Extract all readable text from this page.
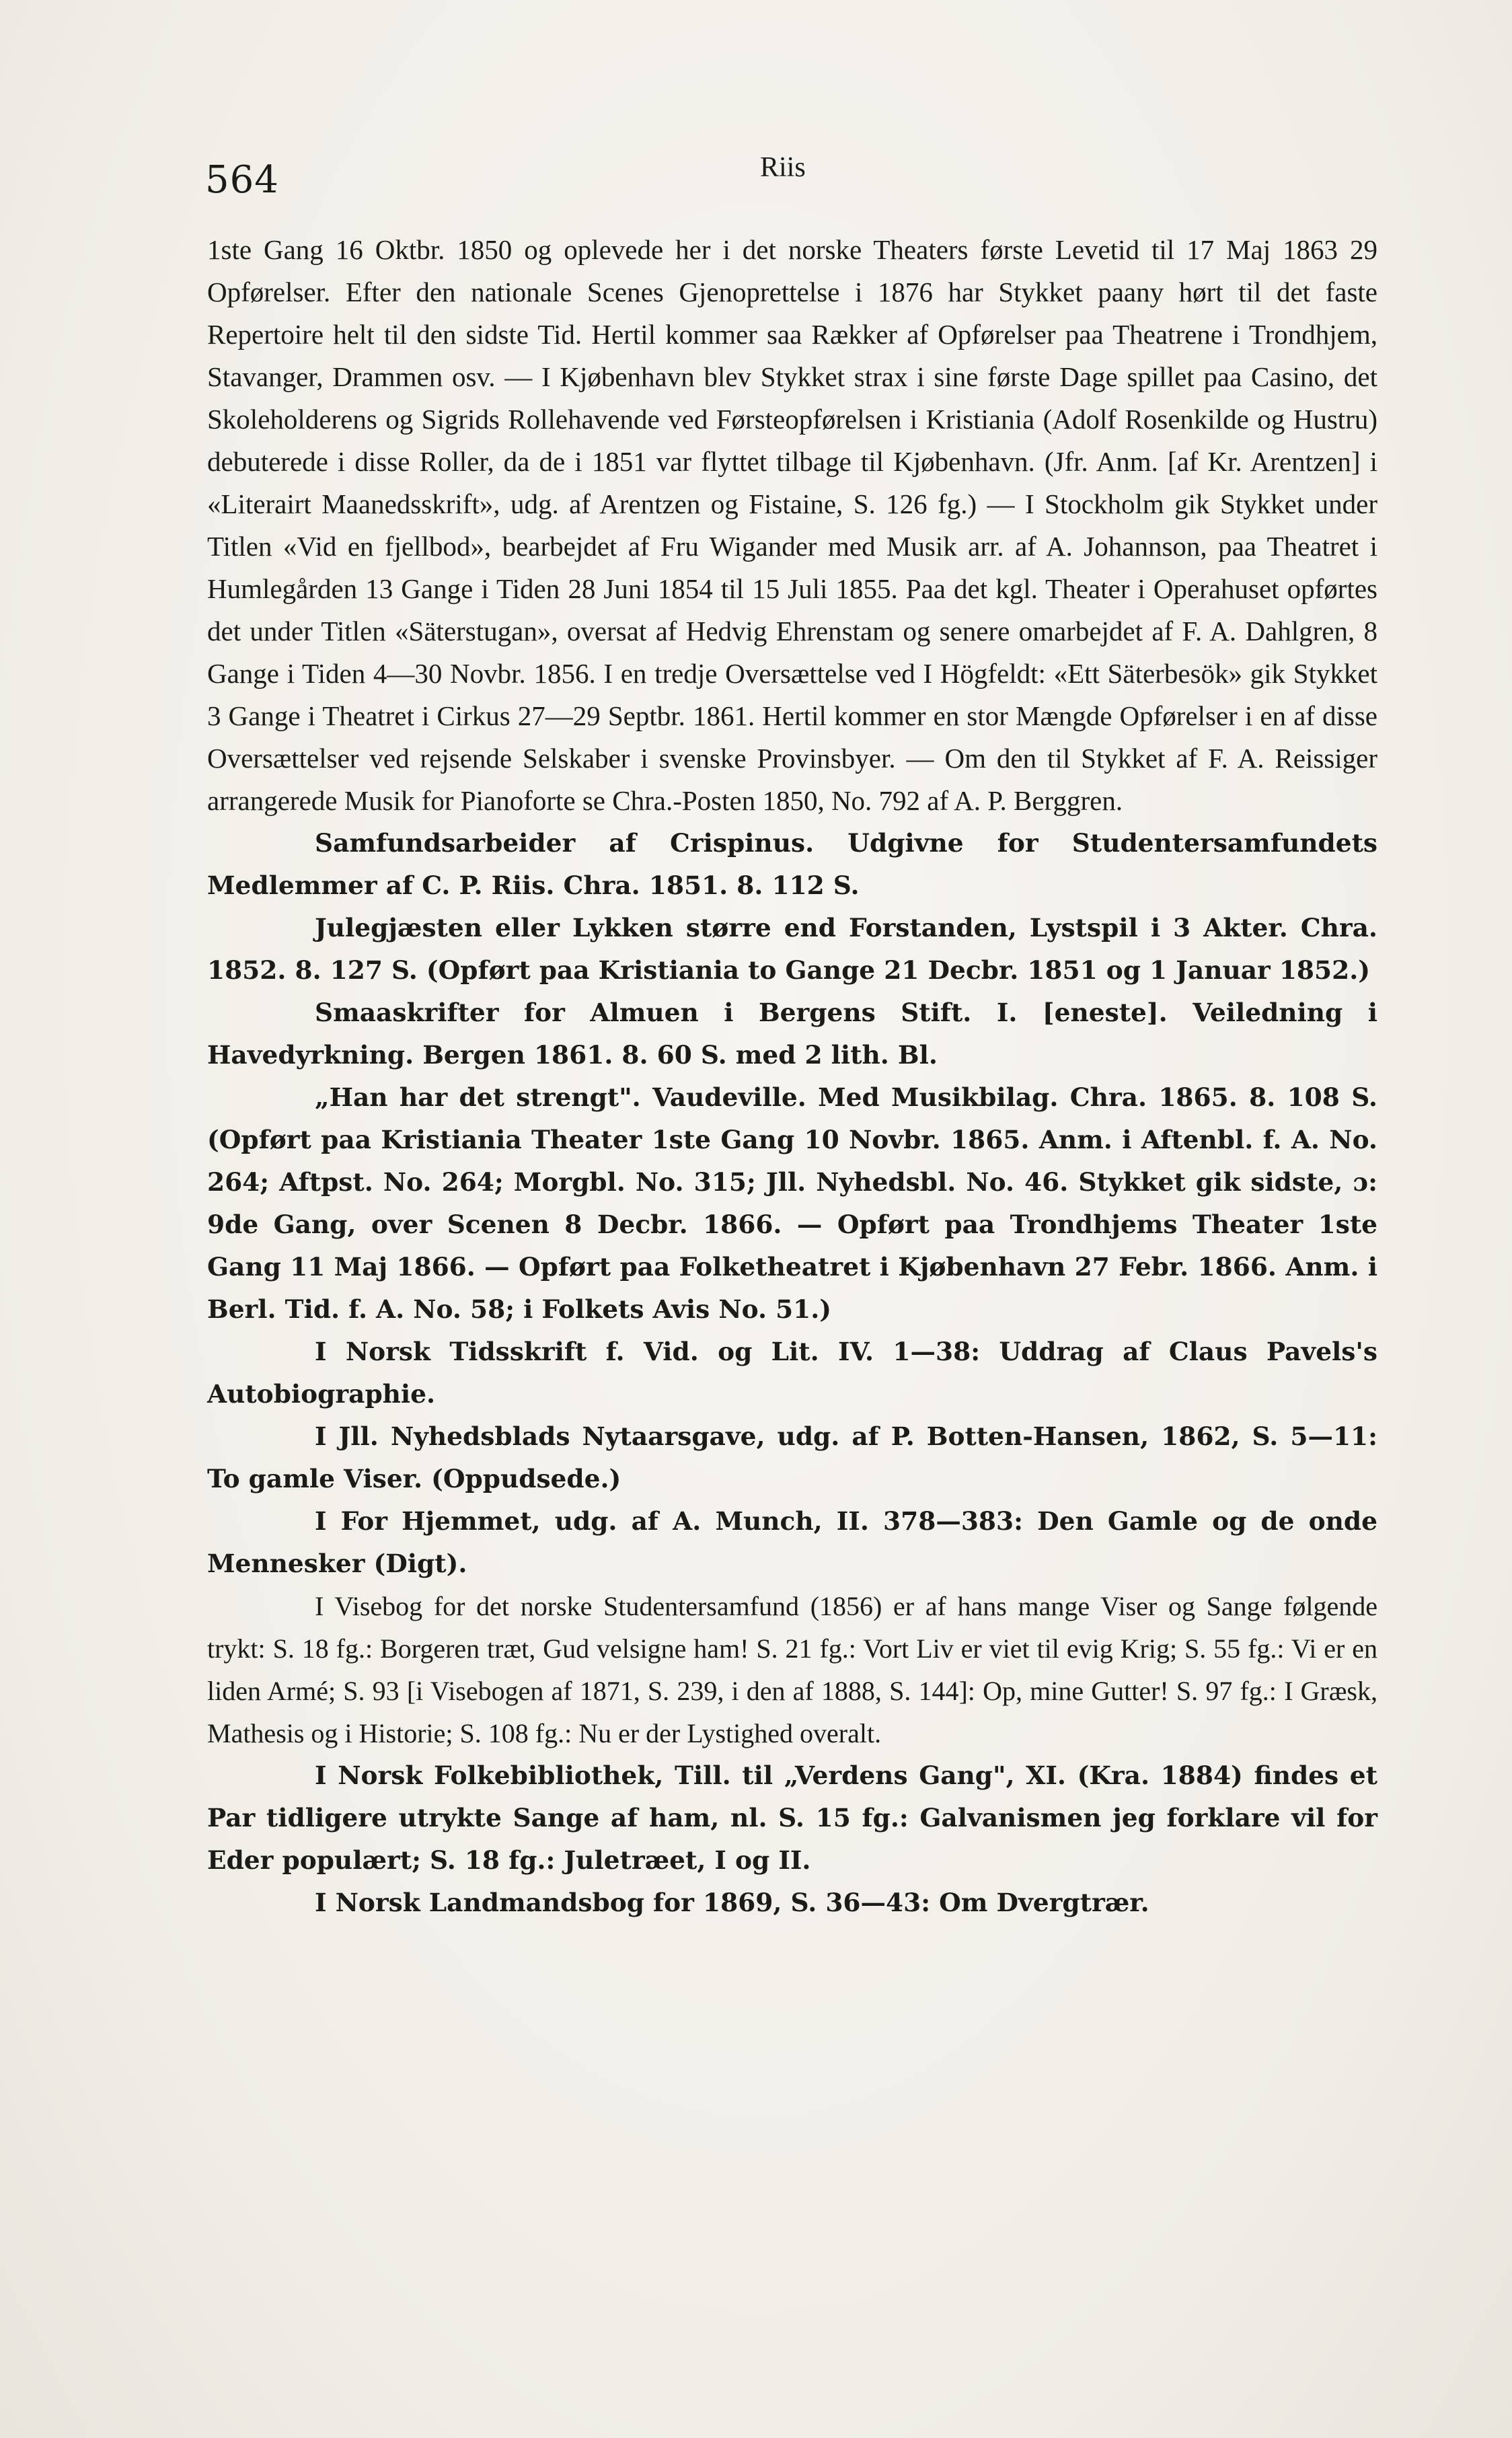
564	Riis

1ste Gang 16 Oktbr. 1850 og oplevede her i det norske Theaters første Levetid til 17 Maj 1863 29 Opførelser. Efter den nationale Scenes Gjenoprettelse i 1876 har Stykket paany hørt til det faste Repertoire helt til den sidste Tid. Hertil kommer saa Rækker af Opførelser paa Theatrene i Trondhjem, Stavanger, Drammen osv. — I Kjøbenhavn blev Stykket strax i sine første Dage spillet paa Casino, det Skoleholderens og Sigrids Rollehavende ved Førsteopførelsen i Kristiania (Adolf Rosenkilde og Hustru) debuterede i disse Roller, da de i 1851 var flyttet tilbage til Kjøbenhavn. (Jfr. Anm. [af Kr. Arentzen] i «Literairt Maanedsskrift», udg. af Arentzen og Fistaine, S. 126 fg.) — I Stockholm gik Stykket under Titlen «Vid en fjellbod», bearbejdet af Fru Wigander med Musik arr. af A. Johannson, paa Theatret i Humlegården 13 Gange i Tiden 28 Juni 1854 til 15 Juli 1855. Paa det kgl. Theater i Operahuset opførtes det under Titlen «Säterstugan», oversat af Hedvig Ehrenstam og senere omarbejdet af F. A. Dahlgren, 8 Gange i Tiden 4—30 Novbr. 1856. I en tredje Oversættelse ved I Högfeldt: «Ett Säterbesök» gik Stykket 3 Gange i Theatret i Cirkus 27—29 Septbr. 1861. Hertil kommer en stor Mængde Opførelser i en af disse Oversættelser ved rejsende Selskaber i svenske Provinsbyer. — Om den til Stykket af F. A. Reissiger arrangerede Musik for Pianoforte se Chra.-Posten 1850, No. 792 af A. P. Berggren.

Samfundsarbeider af Crispinus. Udgivne for Studentersamfundets Medlemmer af C. P. Riis. Chra. 1851. 8. 112 S.

Julegjæsten eller Lykken større end Forstanden, Lystspil i 3 Akter. Chra. 1852. 8. 127 S. (Opført paa Kristiania to Gange 21 Decbr. 1851 og 1 Januar 1852.)

Smaaskrifter for Almuen i Bergens Stift. I. [eneste]. Veiledning i Havedyrkning. Bergen 1861. 8. 60 S. med 2 lith. Bl.

„Han har det strengt". Vaudeville. Med Musikbilag. Chra. 1865. 8. 108 S. (Opført paa Kristiania Theater 1ste Gang 10 Novbr. 1865. Anm. i Aftenbl. f. A. No. 264; Aftpst. No. 264; Morgbl. No. 315; Jll. Nyhedsbl. No. 46. Stykket gik sidste, ɔ: 9de Gang, over Scenen 8 Decbr. 1866. — Opført paa Trondhjems Theater 1ste Gang 11 Maj 1866. — Opført paa Folketheatret i Kjøbenhavn 27 Febr. 1866. Anm. i Berl. Tid. f. A. No. 58; i Folkets Avis No. 51.)

I Norsk Tidsskrift f. Vid. og Lit. IV. 1—38: Uddrag af Claus Pavels's Autobiographie.

I Jll. Nyhedsblads Nytaarsgave, udg. af P. Botten-Hansen, 1862, S. 5—11: To gamle Viser. (Oppudsede.)

I For Hjemmet, udg. af A. Munch, II. 378—383: Den Gamle og de onde Mennesker (Digt).

I Visebog for det norske Studentersamfund (1856) er af hans mange Viser og Sange følgende trykt: S. 18 fg.: Borgeren træt, Gud velsigne ham! S. 21 fg.: Vort Liv er viet til evig Krig; S. 55 fg.: Vi er en liden Armé; S. 93 [i Visebogen af 1871, S. 239, i den af 1888, S. 144]: Op, mine Gutter! S. 97 fg.: I Græsk, Mathesis og i Historie; S. 108 fg.: Nu er der Lystighed overalt.

I Norsk Folkebibliothek, Till. til „Verdens Gang", XI. (Kra. 1884) findes et Par tidligere utrykte Sange af ham, nl. S. 15 fg.: Galvanismen jeg forklare vil for Eder populært; S. 18 fg.: Juletræet, I og II.

I Norsk Landmandsbog for 1869, S. 36—43: Om Dvergtrær.
